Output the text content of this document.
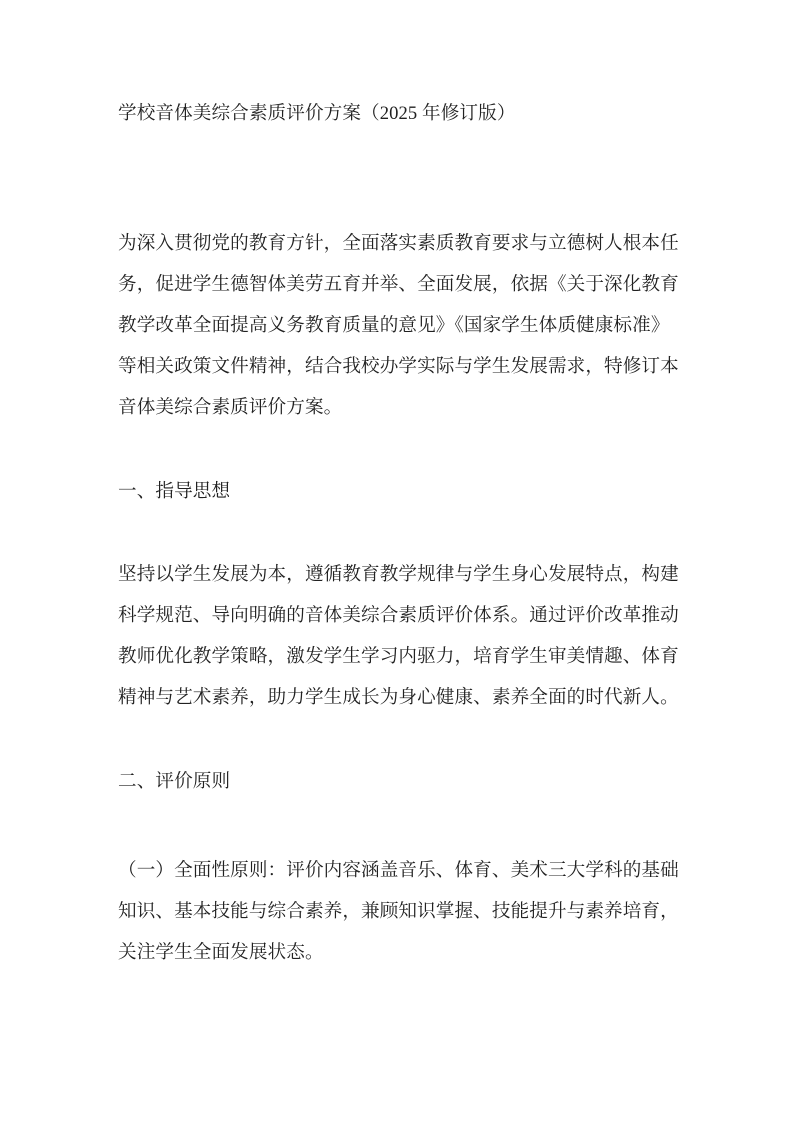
学校音体美综合素质评价方案（2025 年修订版）

为深入贯彻党的教育方针，全面落实素质教育要求与立德树人根本任

务，促进学生德智体美劳五育并举、全面发展，依据《关于深化教育

教学改革全面提高义务教育质量的意见》《国家学生体质健康标准》

等相关政策文件精神，结合我校办学实际与学生发展需求，特修订本

音体美综合素质评价方案。

一、指导思想

坚持以学生发展为本，遵循教育教学规律与学生身心发展特点，构建

科学规范、导向明确的音体美综合素质评价体系。通过评价改革推动

教师优化教学策略，激发学生学习内驱力，培育学生审美情趣、体育

精神与艺术素养，助力学生成长为身心健康、素养全面的时代新人。

二、评价原则

（一）全面性原则：评价内容涵盖音乐、体育、美术三大学科的基础

知识、基本技能与综合素养，兼顾知识掌握、技能提升与素养培育，

关注学生全面发展状态。
